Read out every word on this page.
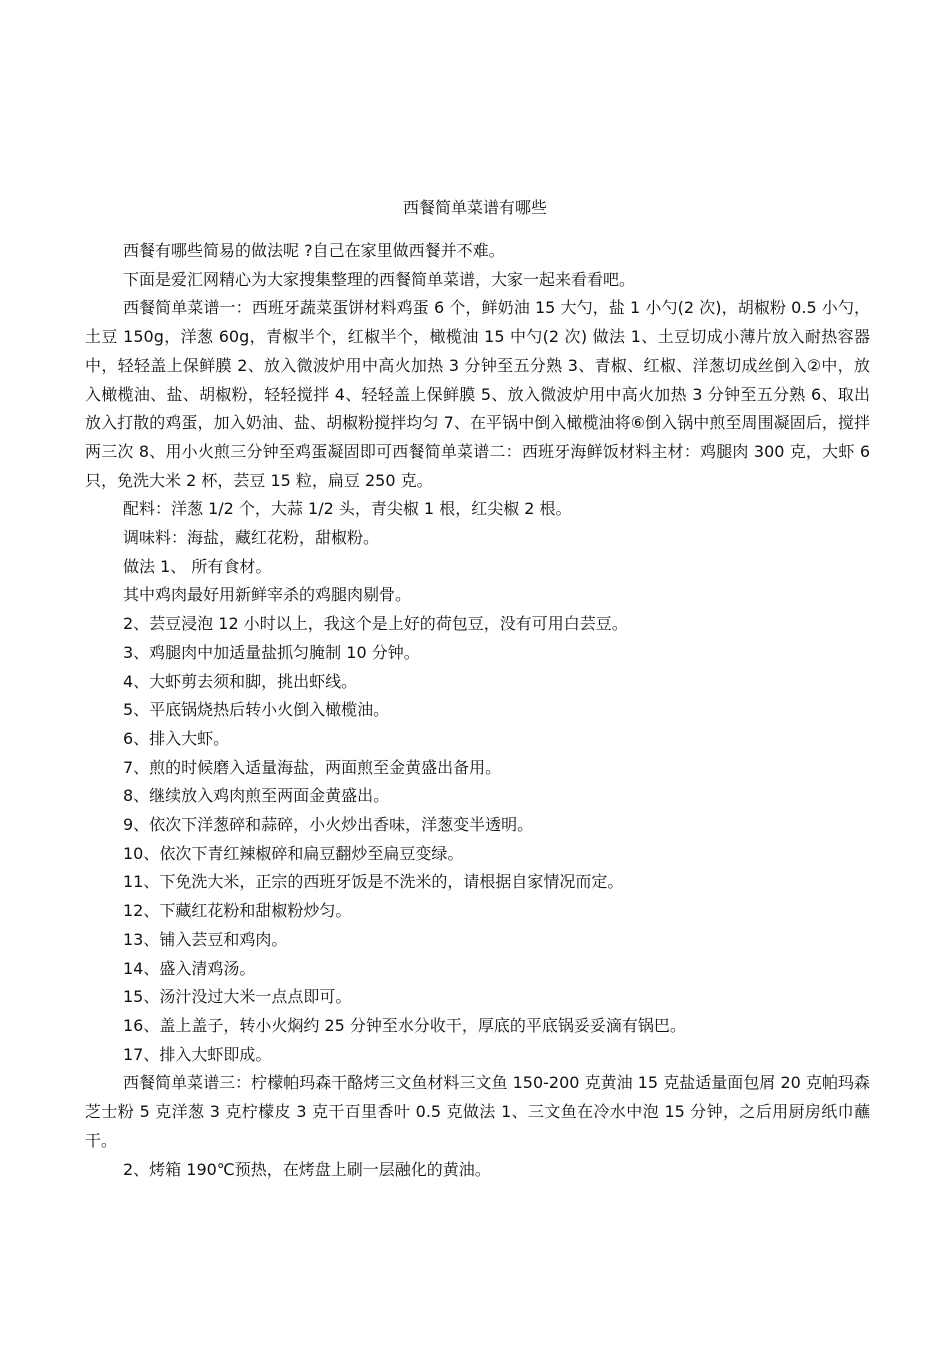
西餐简单菜谱有哪些

西餐有哪些简易的做法呢 ?自己在家里做西餐并不难。

下面是爱汇网精心为大家搜集整理的西餐简单菜谱，大家一起来看看吧。

西餐简单菜谱一：西班牙蔬菜蛋饼材料鸡蛋 6 个，鲜奶油 15 大勺，盐 1 小勺(2 次)，胡椒粉 0.5 小勺，土豆 150g，洋葱 60g，青椒半个，红椒半个，橄榄油 15 中勺(2 次) 做法 1、土豆切成小薄片放入耐热容器中，轻轻盖上保鲜膜 2、放入微波炉用中高火加热 3 分钟至五分熟 3、青椒、红椒、洋葱切成丝倒入②中，放入橄榄油、盐、胡椒粉，轻轻搅拌 4、轻轻盖上保鲜膜 5、放入微波炉用中高火加热 3 分钟至五分熟 6、取出放入打散的鸡蛋，加入奶油、盐、胡椒粉搅拌均匀 7、在平锅中倒入橄榄油将⑥倒入锅中煎至周围凝固后，搅拌两三次 8、用小火煎三分钟至鸡蛋凝固即可西餐简单菜谱二：西班牙海鲜饭材料主材：鸡腿肉 300 克，大虾 6 只，免洗大米 2 杯，芸豆 15 粒，扁豆 250 克。

配料：洋葱 1/2 个，大蒜 1/2 头，青尖椒 1 根，红尖椒 2 根。

调味料：海盐，藏红花粉，甜椒粉。

做法 1、 所有食材。

其中鸡肉最好用新鲜宰杀的鸡腿肉剔骨。

2、芸豆浸泡 12 小时以上，我这个是上好的荷包豆，没有可用白芸豆。

3、鸡腿肉中加适量盐抓匀腌制 10 分钟。

4、大虾剪去须和脚，挑出虾线。

5、平底锅烧热后转小火倒入橄榄油。

6、排入大虾。

7、煎的时候磨入适量海盐，两面煎至金黄盛出备用。

8、继续放入鸡肉煎至两面金黄盛出。

9、依次下洋葱碎和蒜碎，小火炒出香味，洋葱变半透明。

10、依次下青红辣椒碎和扁豆翻炒至扁豆变绿。

11、下免洗大米，正宗的西班牙饭是不洗米的，请根据自家情况而定。

12、下藏红花粉和甜椒粉炒匀。

13、铺入芸豆和鸡肉。

14、盛入清鸡汤。

15、汤汁没过大米一点点即可。

16、盖上盖子，转小火焖约 25 分钟至水分收干，厚底的平底锅妥妥滴有锅巴。

17、排入大虾即成。

西餐简单菜谱三：柠檬帕玛森干酪烤三文鱼材料三文鱼 150-200 克黄油 15 克盐适量面包屑 20 克帕玛森芝士粉 5 克洋葱 3 克柠檬皮 3 克干百里香叶 0.5 克做法 1、三文鱼在冷水中泡 15 分钟，之后用厨房纸巾蘸干。

2、烤箱 190℃预热，在烤盘上刷一层融化的黄油。
